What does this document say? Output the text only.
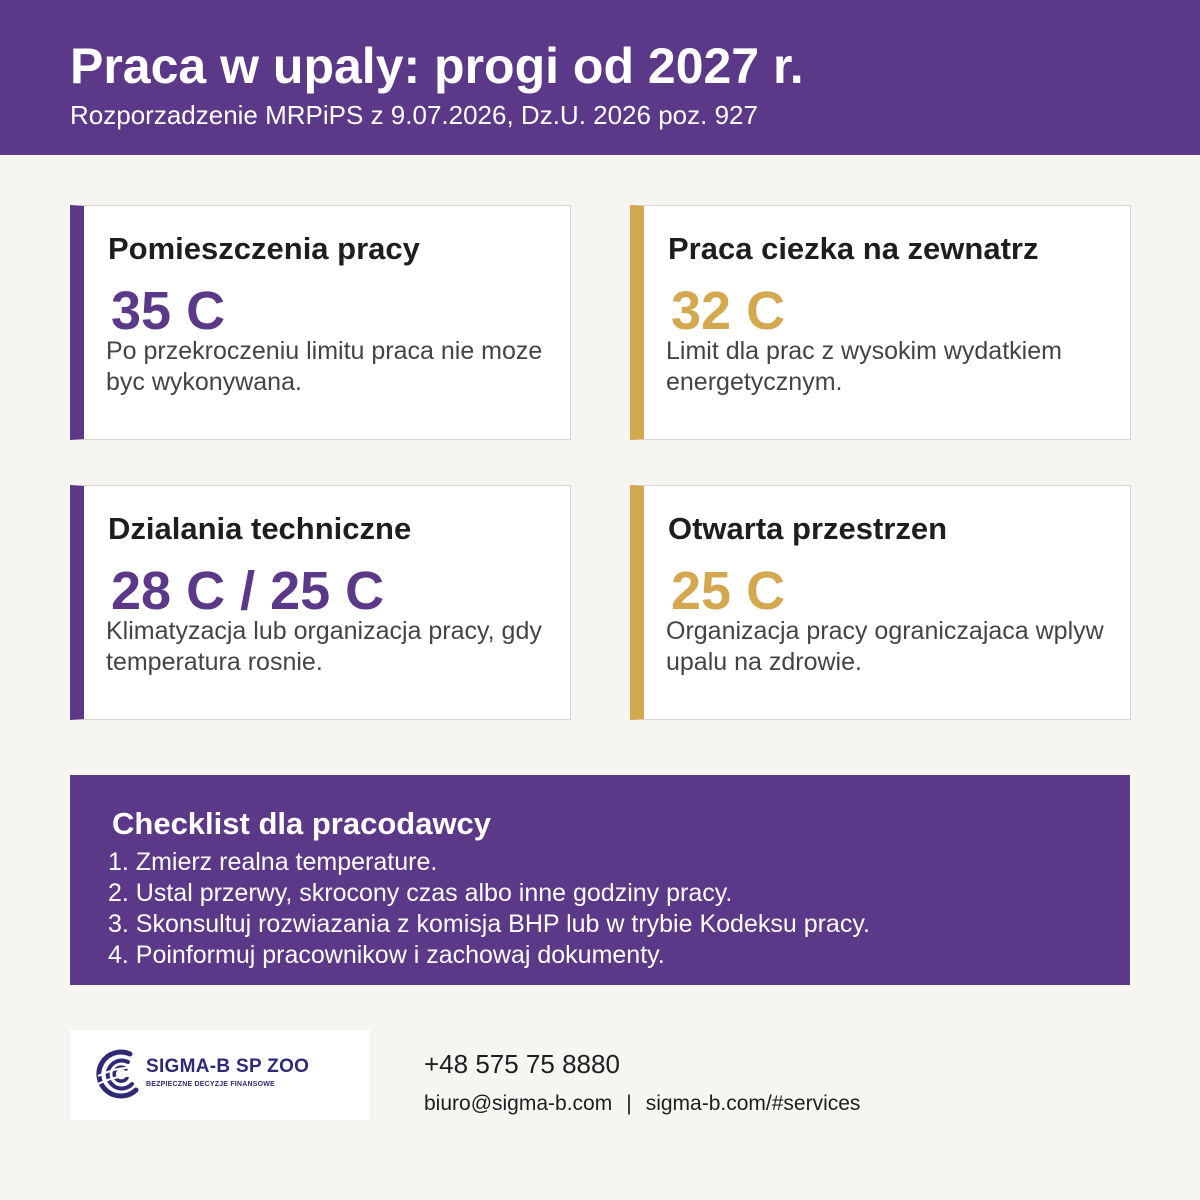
Praca w upaly: progi od 2027 r.
Rozporzadzenie MRPiPS z 9.07.2026, Dz.U. 2026 poz. 927
Pomieszczenia pracy
35 C
Po przekroczeniu limitu praca nie moze byc wykonywana.
Praca ciezka na zewnatrz
32 C
Limit dla prac z wysokim wydatkiem energetycznym.
Dzialania techniczne
28 C / 25 C
Klimatyzacja lub organizacja pracy, gdy temperatura rosnie.
Otwarta przestrzen
25 C
Organizacja pracy ograniczajaca wplyw upalu na zdrowie.
Checklist dla pracodawcy
1. Zmierz realna temperature.
2. Ustal przerwy, skrocony czas albo inne godziny pracy.
3. Skonsultuj rozwiazania z komisja BHP lub w trybie Kodeksu pracy.
4. Poinformuj pracownikow i zachowaj dokumenty.
SIGMA-B SP ZOO
BEZPIECZNE DECYZJE FINANSOWE
+48 575 75 8880
biuro@sigma-b.com | sigma-b.com/#services
